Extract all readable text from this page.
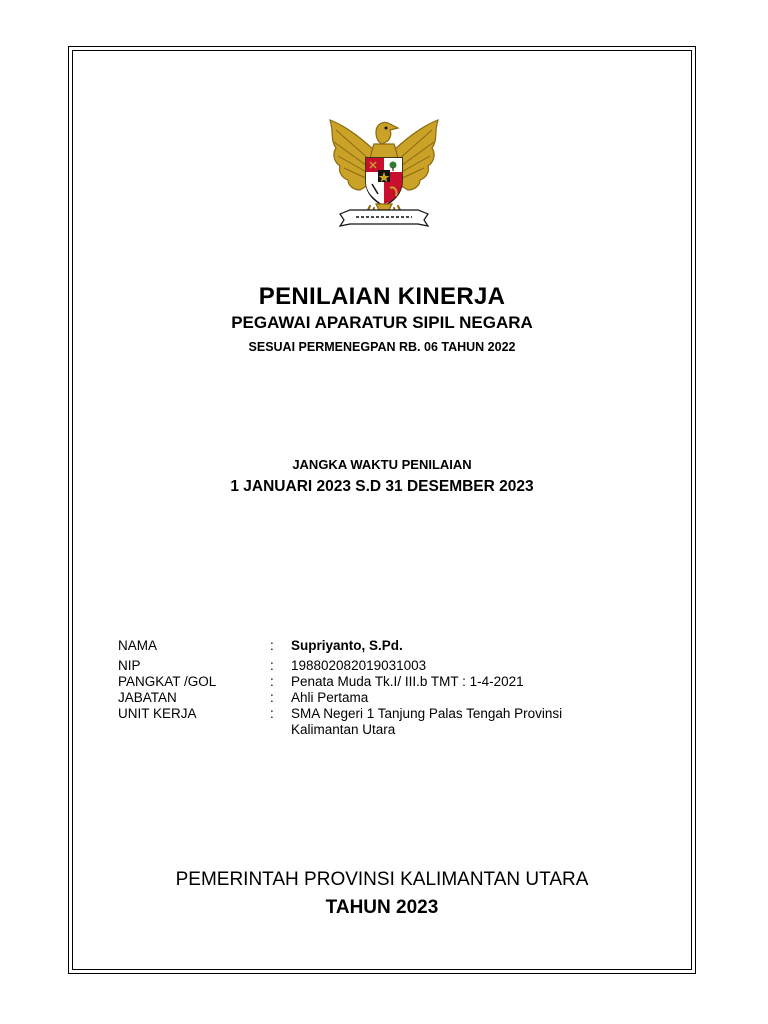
PENILAIAN KINERJA
PEGAWAI APARATUR SIPIL NEGARA
SESUAI PERMENEGPAN RB. 06 TAHUN 2022
JANGKA WAKTU PENILAIAN
1 JANUARI 2023 S.D 31 DESEMBER 2023
NAMA	:	Supriyanto, S.Pd.
NIP	:	198802082019031003
PANGKAT /GOL	:	Penata Muda Tk.I/ III.b TMT : 1-4-2021
JABATAN	:	Ahli Pertama
UNIT KERJA	:	SMA Negeri 1 Tanjung Palas Tengah Provinsi Kalimantan Utara
PEMERINTAH PROVINSI KALIMANTAN UTARA
TAHUN 2023
